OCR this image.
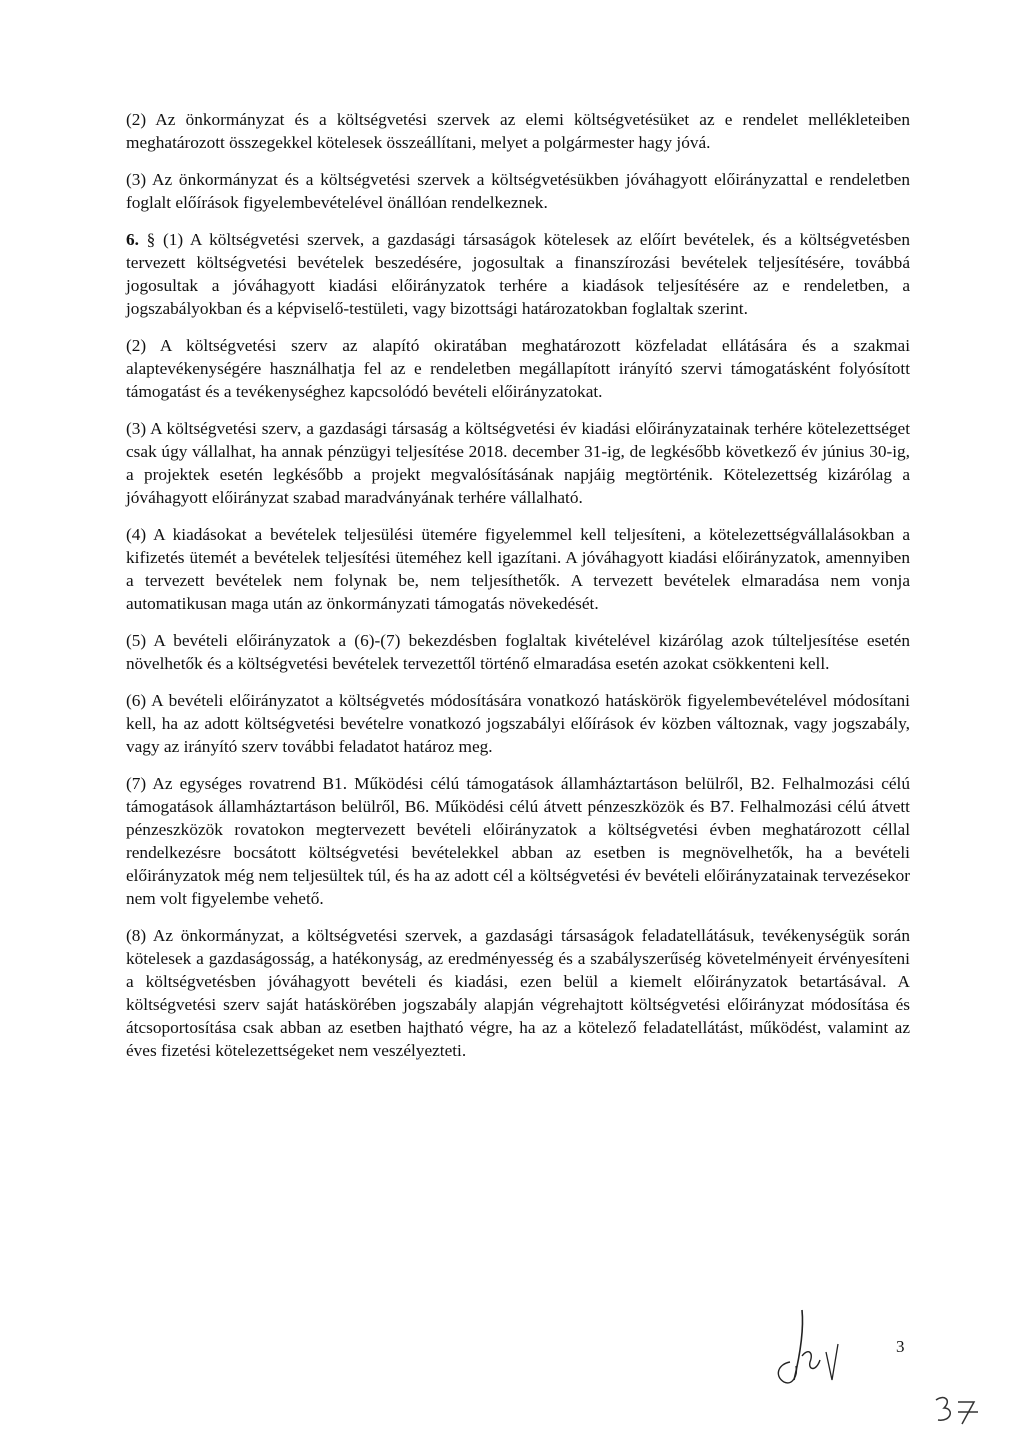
(2) Az önkormányzat és a költségvetési szervek az elemi költségvetésüket az e rendelet mellékleteiben meghatározott összegekkel kötelesek összeállítani, melyet a polgármester hagy jóvá.

(3) Az önkormányzat és a költségvetési szervek a költségvetésükben jóváhagyott előirányzattal e rendeletben foglalt előírások figyelembevételével önállóan rendelkeznek.

6. § (1) A költségvetési szervek, a gazdasági társaságok kötelesek az előírt bevételek, és a költségvetésben tervezett költségvetési bevételek beszedésére, jogosultak a finanszírozási bevételek teljesítésére, továbbá jogosultak a jóváhagyott kiadási előirányzatok terhére a kiadások teljesítésére az e rendeletben, a jogszabályokban és a képviselő-testületi, vagy bizottsági határozatokban foglaltak szerint.

(2) A költségvetési szerv az alapító okiratában meghatározott közfeladat ellátására és a szakmai alaptevékenységére használhatja fel az e rendeletben megállapított irányító szervi támogatásként folyósított támogatást és a tevékenységhez kapcsolódó bevételi előirányzatokat.

(3) A költségvetési szerv, a gazdasági társaság a költségvetési év kiadási előirányzatainak terhére kötelezettséget csak úgy vállalhat, ha annak pénzügyi teljesítése 2018. december 31-ig, de legkésőbb következő év június 30-ig, a projektek esetén legkésőbb a projekt megvalósításának napjáig megtörténik. Kötelezettség kizárólag a jóváhagyott előirányzat szabad maradványának terhére vállalható.

(4) A kiadásokat a bevételek teljesülési ütemére figyelemmel kell teljesíteni, a kötelezettségvállalásokban a kifizetés ütemét a bevételek teljesítési üteméhez kell igazítani. A jóváhagyott kiadási előirányzatok, amennyiben a tervezett bevételek nem folynak be, nem teljesíthetők. A tervezett bevételek elmaradása nem vonja automatikusan maga után az önkormányzati támogatás növekedését.

(5) A bevételi előirányzatok a (6)-(7) bekezdésben foglaltak kivételével kizárólag azok túlteljesítése esetén növelhetők és a költségvetési bevételek tervezettől történő elmaradása esetén azokat csökkenteni kell.

(6) A bevételi előirányzatot a költségvetés módosítására vonatkozó hatáskörök figyelembevételével módosítani kell, ha az adott költségvetési bevételre vonatkozó jogszabályi előírások év közben változnak, vagy jogszabály, vagy az irányító szerv további feladatot határoz meg.

(7) Az egységes rovatrend B1. Működési célú támogatások államháztartáson belülről, B2. Felhalmozási célú támogatások államháztartáson belülről, B6. Működési célú átvett pénzeszközök és B7. Felhalmozási célú átvett pénzeszközök rovatokon megtervezett bevételi előirányzatok a költségvetési évben meghatározott céllal rendelkezésre bocsátott költségvetési bevételekkel abban az esetben is megnövelhetők, ha a bevételi előirányzatok még nem teljesültek túl, és ha az adott cél a költségvetési év bevételi előirányzatainak tervezésekor nem volt figyelembe vehető.

(8) Az önkormányzat, a költségvetési szervek, a gazdasági társaságok feladatellátásuk, tevékenységük során kötelesek a gazdaságosság, a hatékonyság, az eredményesség és a szabályszerűség követelményeit érvényesíteni a költségvetésben jóváhagyott bevételi és kiadási, ezen belül a kiemelt előirányzatok betartásával. A költségvetési szerv saját hatáskörében jogszabály alapján végrehajtott költségvetési előirányzat módosítása és átcsoportosítása csak abban az esetben hajtható végre, ha az a kötelező feladatellátást, működést, valamint az éves fizetési kötelezettségeket nem veszélyezteti.

3
